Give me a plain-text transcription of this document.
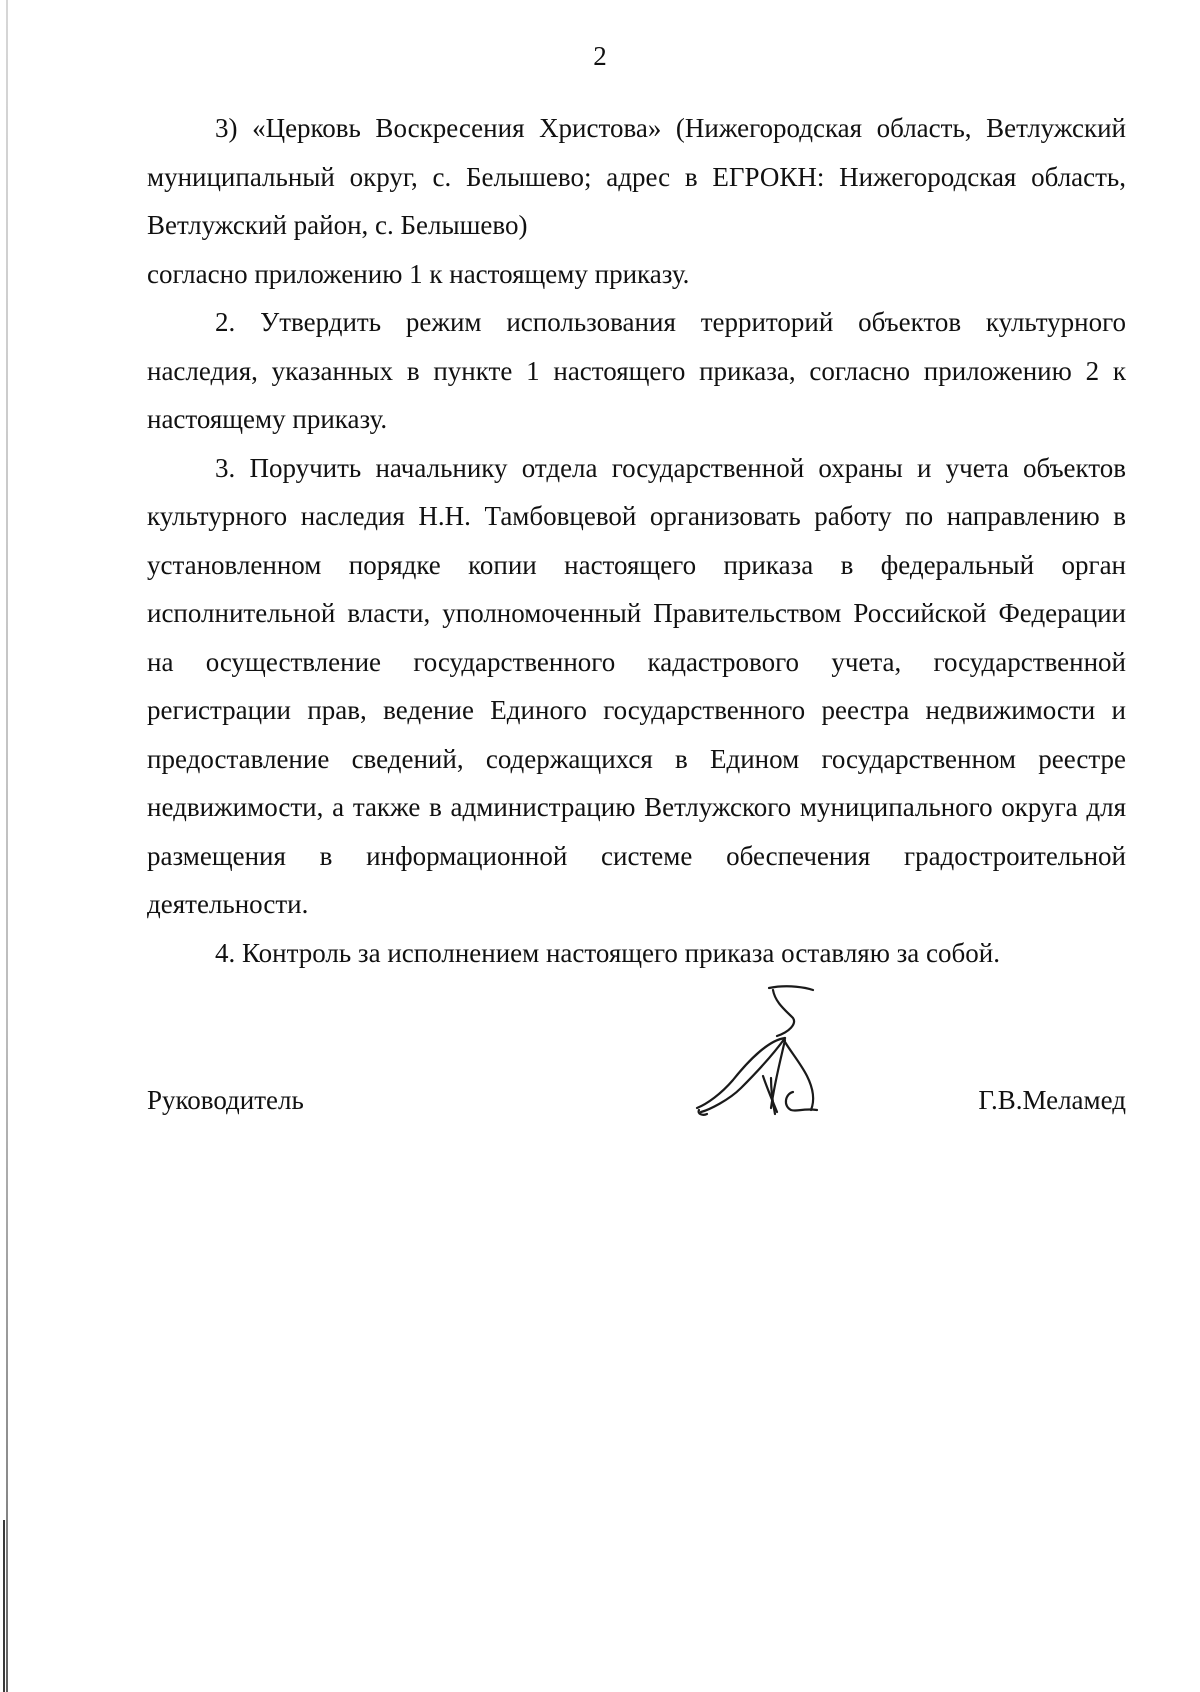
2

3) «Церковь Воскресения Христова» (Нижегородская область, Ветлужский муниципальный округ, с. Белышево; адрес в ЕГРОКН: Нижегородская область, Ветлужский район, с. Белышево)

согласно приложению 1 к настоящему приказу.

2. Утвердить режим использования территорий объектов культурного наследия, указанных в пункте 1 настоящего приказа, согласно приложению 2 к настоящему приказу.

3. Поручить начальнику отдела государственной охраны и учета объектов культурного наследия Н.Н. Тамбовцевой организовать работу по направлению в установленном порядке копии настоящего приказа в федеральный орган исполнительной власти, уполномоченный Правительством Российской Федерации на осуществление государственного кадастрового учета, государственной регистрации прав, ведение Единого государственного реестра недвижимости и предоставление сведений, содержащихся в Едином государственном реестре недвижимости, а также в администрацию Ветлужского муниципального округа для размещения в информационной системе обеспечения градостроительной деятельности.

4. Контроль за исполнением настоящего приказа оставляю за собой.

Руководитель	Г.В.Меламед
